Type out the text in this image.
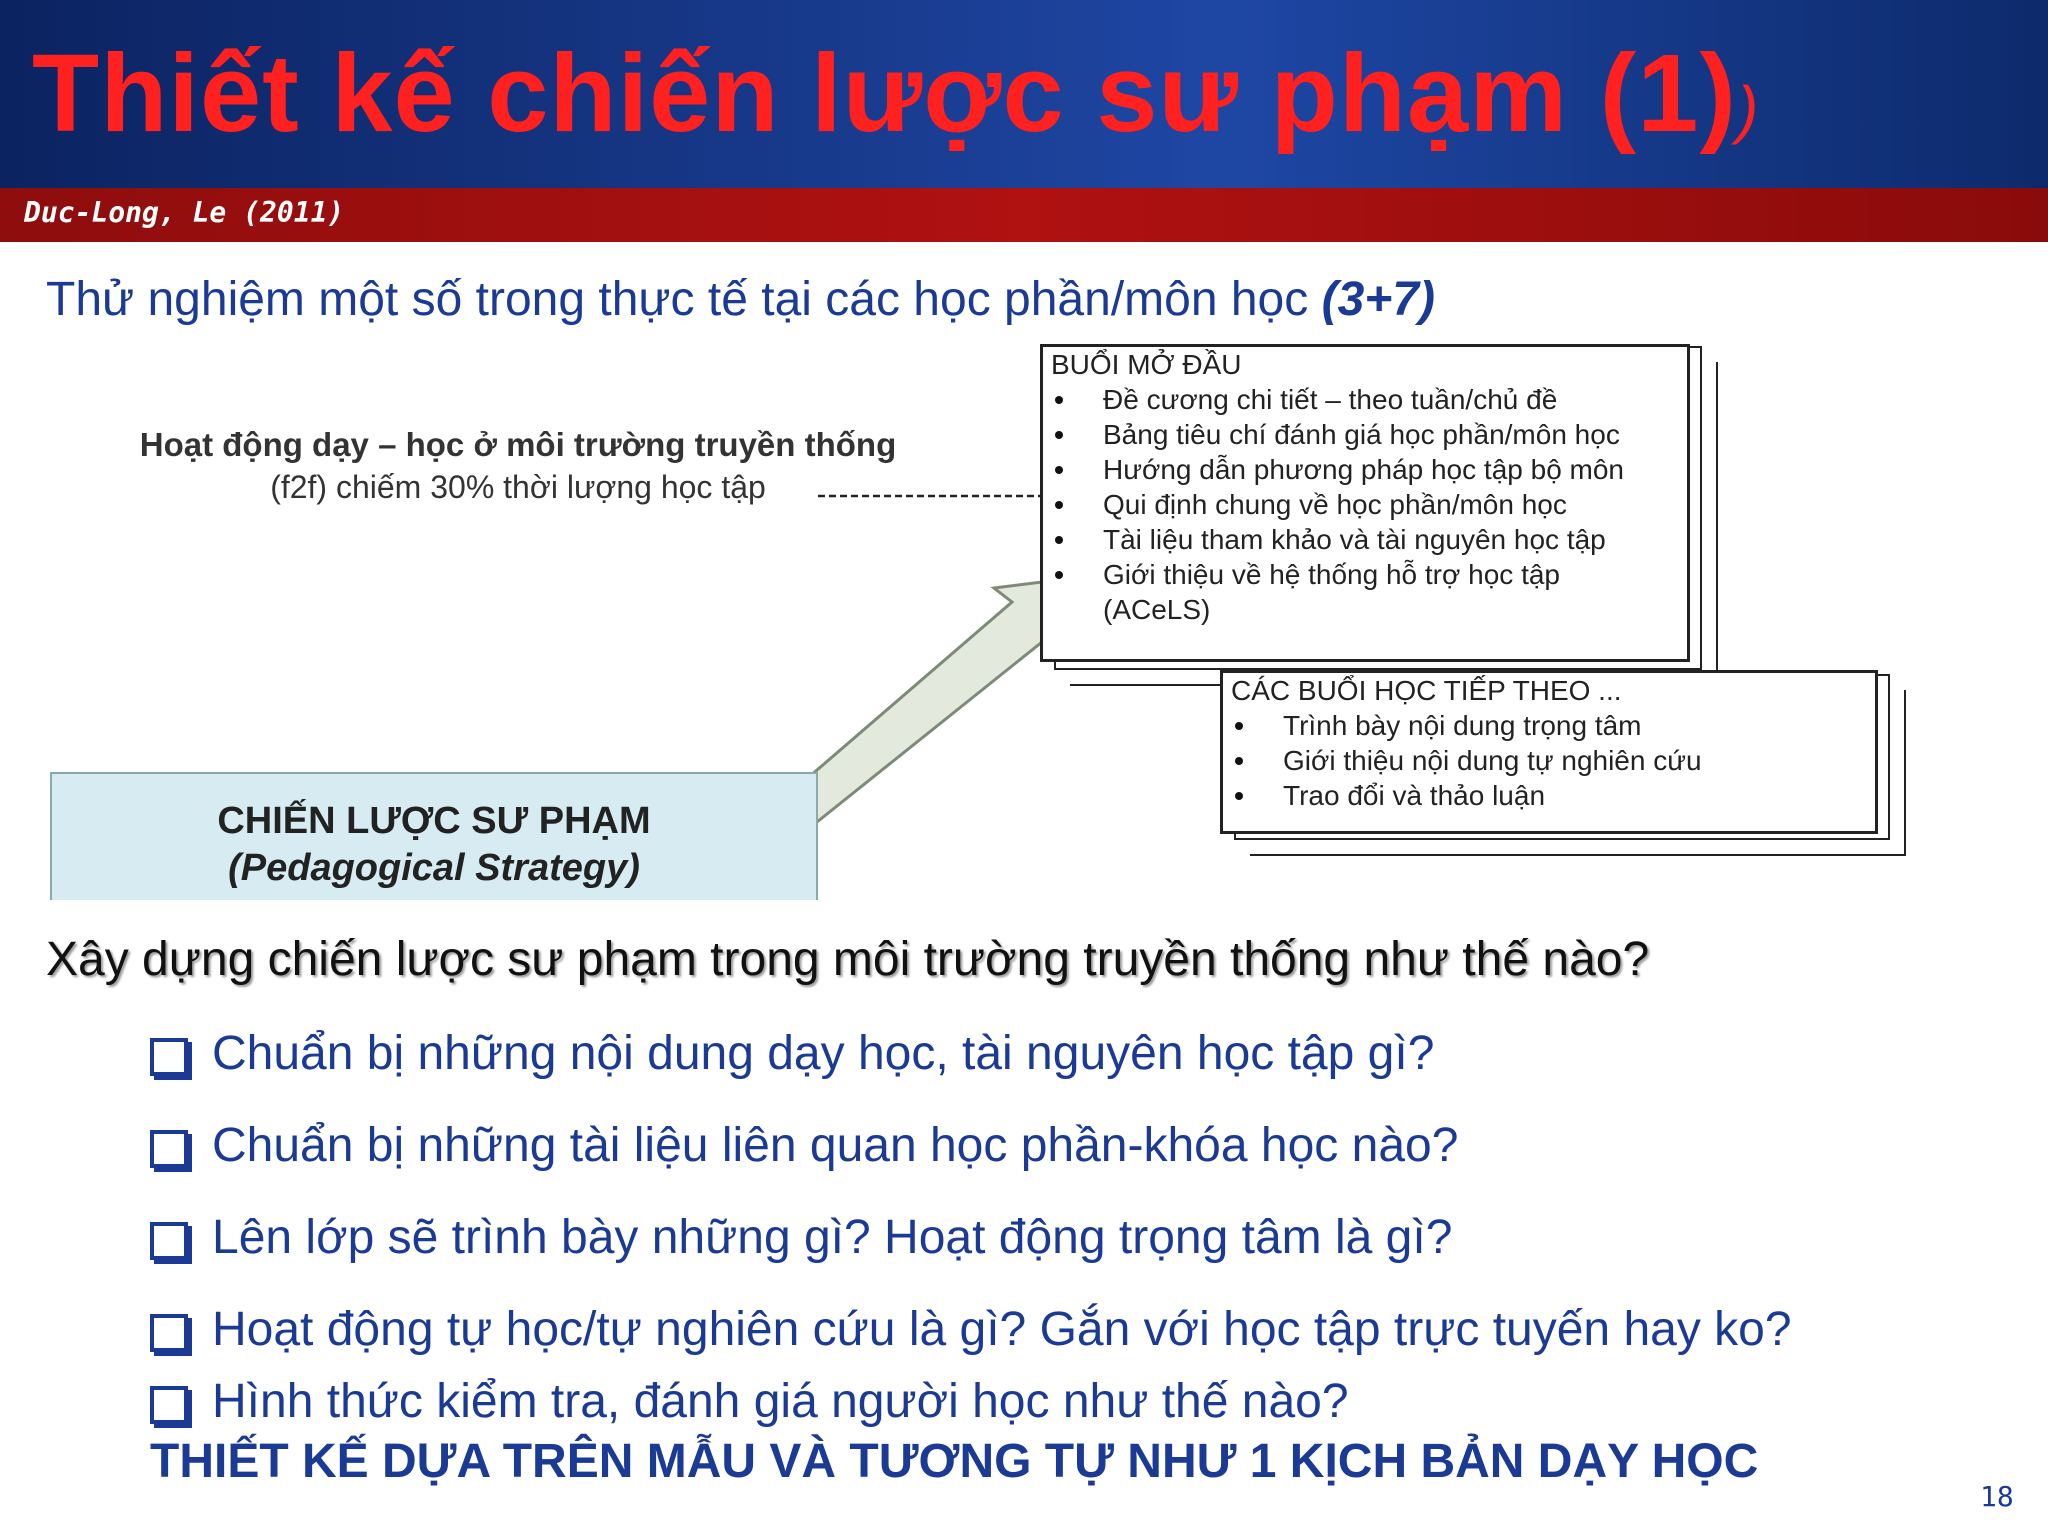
Thiết kế chiến lược sư phạm (1))
Duc-Long, Le (2011)
Thử nghiệm một số trong thực tế tại các học phần/môn học (3+7)
Hoạt động dạy – học ở môi trường truyền thống
(f2f) chiếm 30% thời lượng học tập
BUỔI MỞ ĐẦU
Đề cương chi tiết – theo tuần/chủ đề
Bảng tiêu chí đánh giá học phần/môn học
Hướng dẫn phương pháp học tập bộ môn
Qui định chung về học phần/môn học
Tài liệu tham khảo và tài nguyên học tập
Giới thiệu về hệ thống hỗ trợ học tập
(ACeLS)
CÁC BUỔI HỌC TIẾP THEO ...
Trình bày nội dung trọng tâm
Giới thiệu nội dung tự nghiên cứu
Trao đổi và thảo luận
CHIẾN LƯỢC SƯ PHẠM
(Pedagogical Strategy)
Xây dựng chiến lược sư phạm trong môi trường truyền thống như thế nào?
Chuẩn bị những nội dung dạy học, tài nguyên học tập gì?
Chuẩn bị những tài liệu liên quan học phần-khóa học nào?
Lên lớp sẽ trình bày những gì? Hoạt động trọng tâm là gì?
Hoạt động tự học/tự nghiên cứu là gì? Gắn với học tập trực tuyến hay ko?
Hình thức kiểm tra, đánh giá người học như thế nào?
THIẾT KẾ DỰA TRÊN MẪU VÀ TƯƠNG TỰ NHƯ 1 KỊCH BẢN DẠY HỌC
18
